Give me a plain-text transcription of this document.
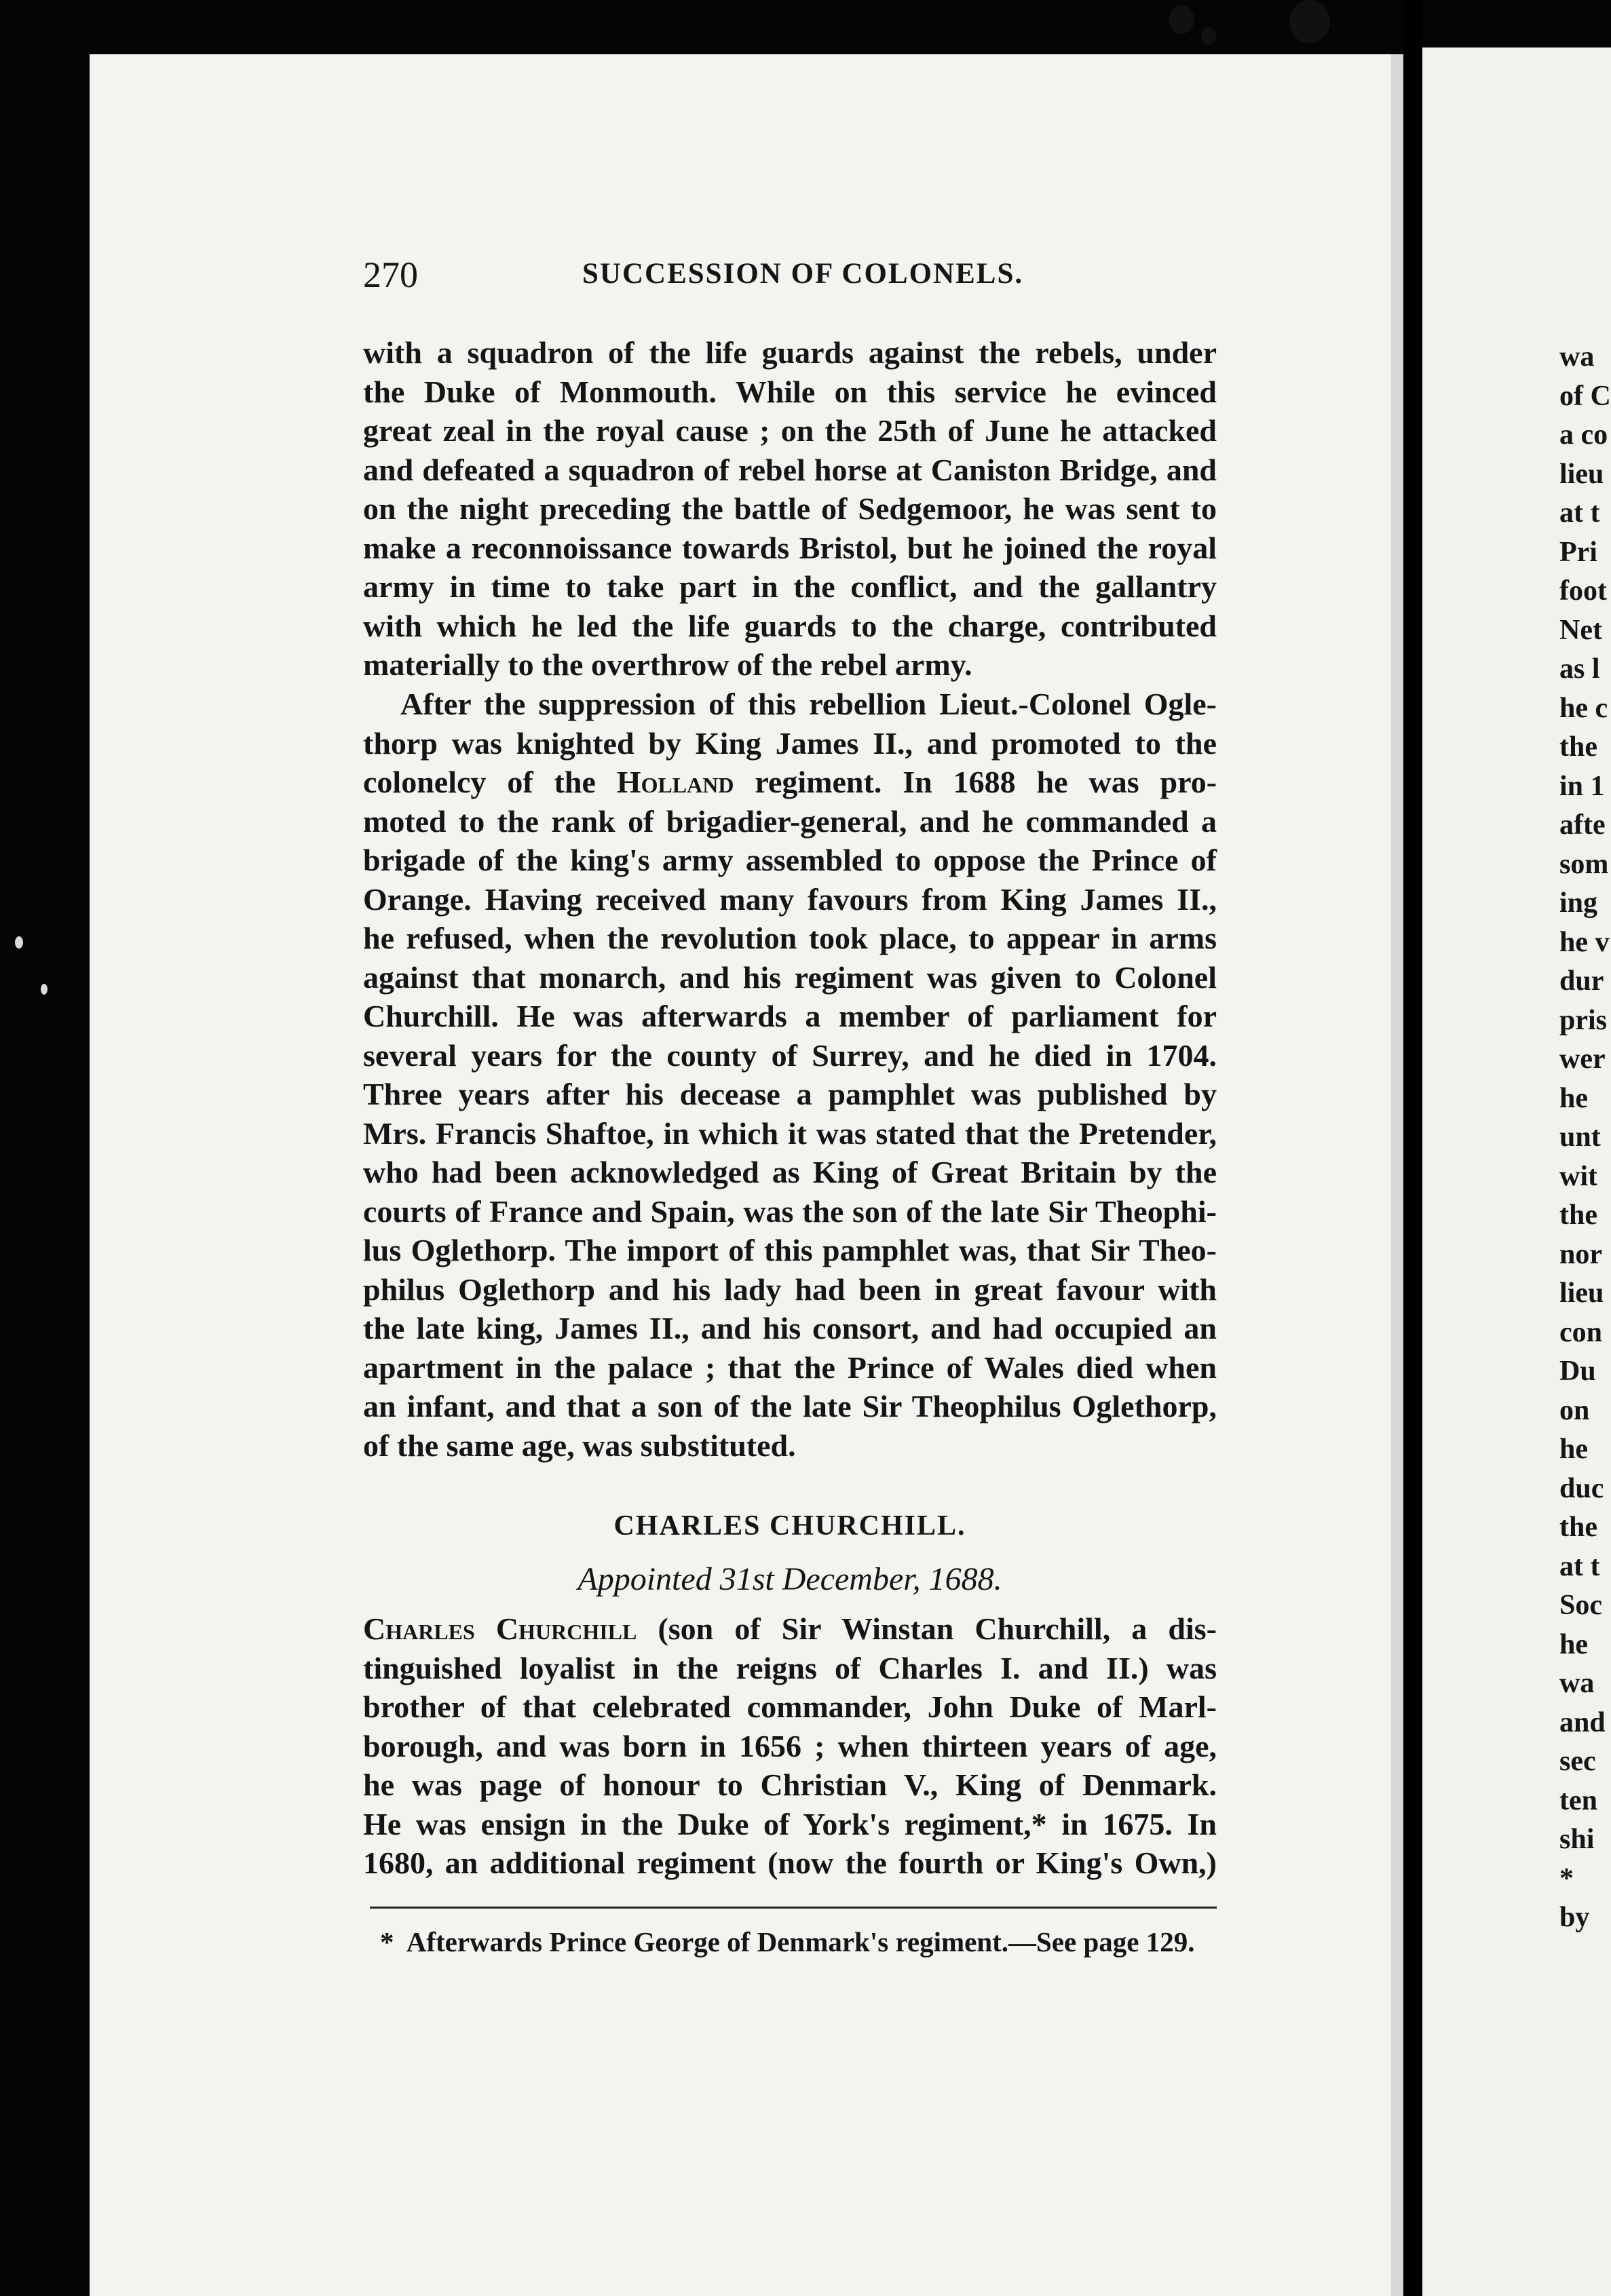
270	SUCCESSION OF COLONELS.
with a squadron of the life guards against the rebels, under
the Duke of Monmouth. While on this service he evinced
great zeal in the royal cause ; on the 25th of June he attacked
and defeated a squadron of rebel horse at Caniston Bridge, and
on the night preceding the battle of Sedgemoor, he was sent to
make a reconnoissance towards Bristol, but he joined the royal
army in time to take part in the conflict, and the gallantry
with which he led the life guards to the charge, contributed
materially to the overthrow of the rebel army.
After the suppression of this rebellion Lieut.-Colonel Ogle-
thorp was knighted by King James II., and promoted to the
colonelcy of the Holland regiment. In 1688 he was pro-
moted to the rank of brigadier-general, and he commanded a
brigade of the king's army assembled to oppose the Prince of
Orange. Having received many favours from King James II.,
he refused, when the revolution took place, to appear in arms
against that monarch, and his regiment was given to Colonel
Churchill. He was afterwards a member of parliament for
several years for the county of Surrey, and he died in 1704.
Three years after his decease a pamphlet was published by
Mrs. Francis Shaftoe, in which it was stated that the Pretender,
who had been acknowledged as King of Great Britain by the
courts of France and Spain, was the son of the late Sir Theophi-
lus Oglethorp. The import of this pamphlet was, that Sir Theo-
philus Oglethorp and his lady had been in great favour with
the late king, James II., and his consort, and had occupied an
apartment in the palace ; that the Prince of Wales died when
an infant, and that a son of the late Sir Theophilus Oglethorp,
of the same age, was substituted.
CHARLES CHURCHILL.
Appointed 31st December, 1688.
Charles Churchill (son of Sir Winstan Churchill, a dis-
tinguished loyalist in the reigns of Charles I. and II.) was
brother of that celebrated commander, John Duke of Marl-
borough, and was born in 1656 ; when thirteen years of age,
he was page of honour to Christian V., King of Denmark.
He was ensign in the Duke of York's regiment,* in 1675. In
1680, an additional regiment (now the fourth or King's Own,)
*  Afterwards Prince George of Denmark's regiment.—See page 129.
wa
of C
a co
lieu
at t
Pri
foot
Net
as l
he c
the
in 1
afte
som
ing
he v
dur
pris
wer
he
unt
wit
the
nor
lieu
con
Du
on
he
duc
the
at t
Soc
he
wa
and
sec
ten
shi
*
by
